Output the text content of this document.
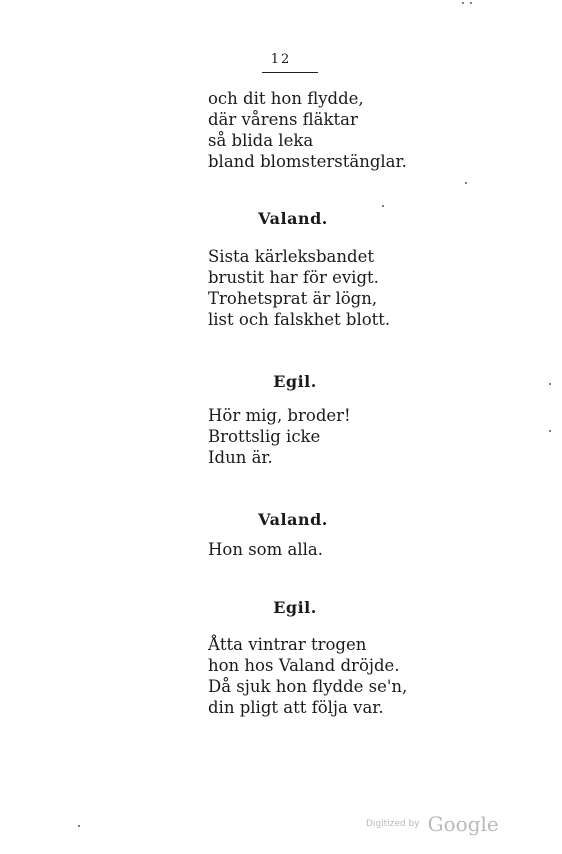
12
och dit hon flydde,
där vårens fläktar
så blida leka
bland blomsterstänglar.
Valand.
Sista kärleksbandet
brustit har för evigt.
Trohetsprat är lögn,
list och falskhet blott.
Egil.
Hör mig, broder!
Brottslig icke
Idun är.
Valand.
Hon som alla.
Egil.
Åtta vintrar trogen
hon hos Valand dröjde.
Då sjuk hon flydde se'n,
din pligt att följa var.
Digitized by Google
